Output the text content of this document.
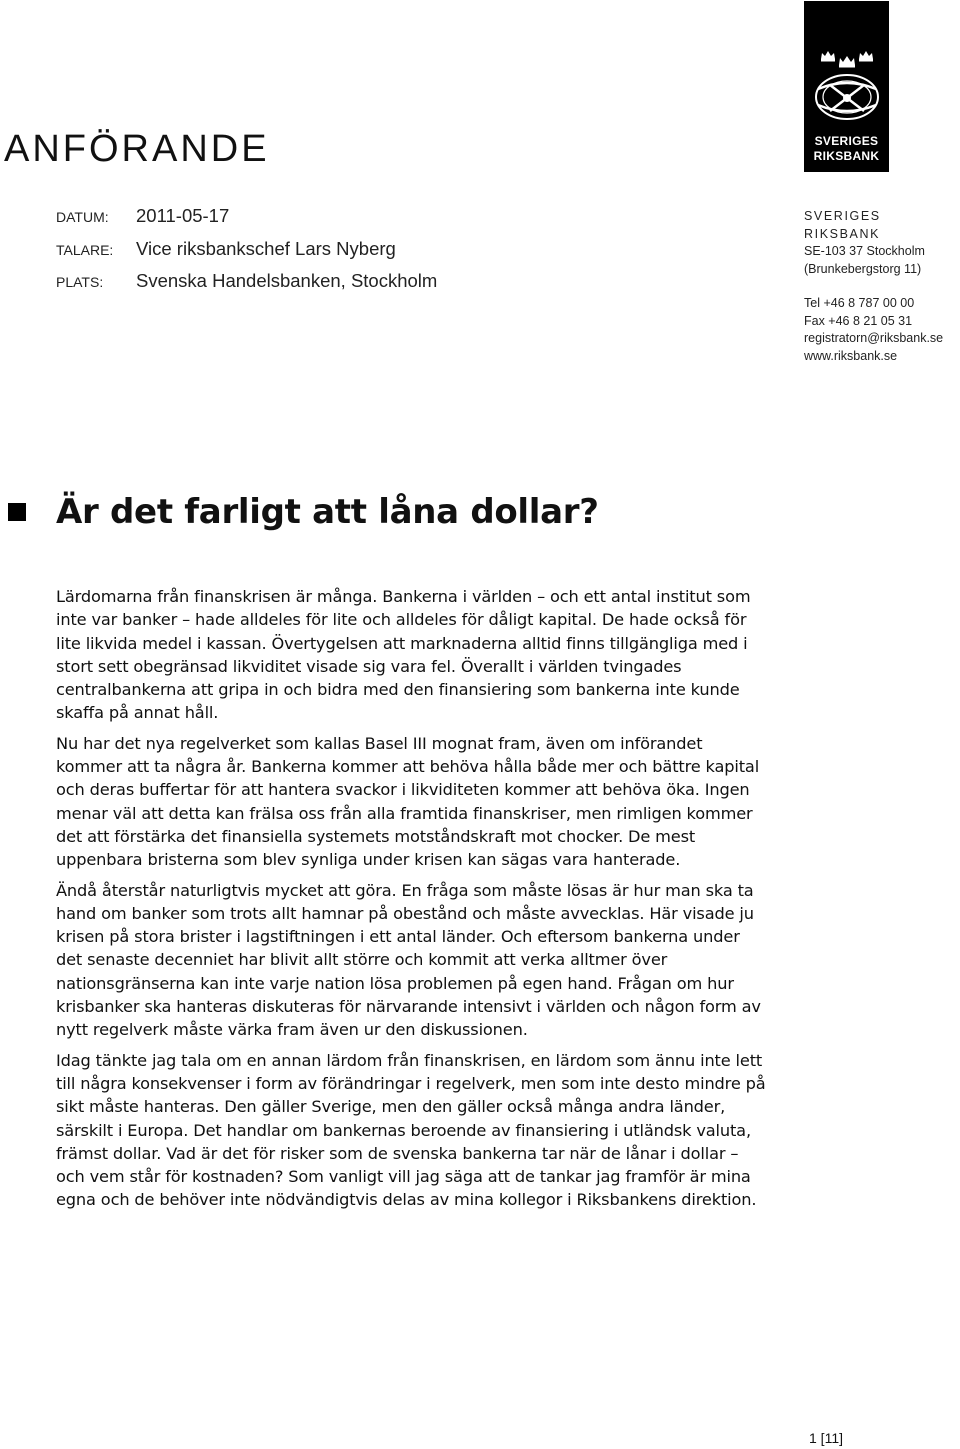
ANFÖRANDE
DATUM:	2011-05-17
TALARE:	Vice riksbankschef Lars Nyberg
PLATS:	Svenska Handelsbanken, Stockholm
SVERIGES
RIKSBANK
SVERIGES RIKSBANK
SE-103 37 Stockholm
(Brunkebergstorg 11)
Tel +46 8 787 00 00
Fax +46 8 21 05 31
registratorn@riksbank.se
www.riksbank.se
Är det farligt att låna dollar?

Lärdomarna från finanskrisen är många. Bankerna i världen – och ett antal institut som inte var banker – hade alldeles för lite och alldeles för dåligt kapital. De hade också för lite likvida medel i kassan. Övertygelsen att marknaderna alltid finns tillgängliga med i stort sett obegränsad likviditet visade sig vara fel. Överallt i världen tvingades centralbankerna att gripa in och bidra med den finansiering som bankerna inte kunde skaffa på annat håll.

Nu har det nya regelverket som kallas Basel III mognat fram, även om införandet kommer att ta några år. Bankerna kommer att behöva hålla både mer och bättre kapital och deras buffertar för att hantera svackor i likviditeten kommer att behöva öka. Ingen menar väl att detta kan frälsa oss från alla framtida finanskriser, men rimligen kommer det att förstärka det finansiella systemets motståndskraft mot chocker. De mest uppenbara bristerna som blev synliga under krisen kan sägas vara hanterade.

Ändå återstår naturligtvis mycket att göra. En fråga som måste lösas är hur man ska ta hand om banker som trots allt hamnar på obestånd och måste avvecklas. Här visade ju krisen på stora brister i lagstiftningen i ett antal länder. Och eftersom bankerna under det senaste decenniet har blivit allt större och kommit att verka alltmer över nationsgränserna kan inte varje nation lösa problemen på egen hand. Frågan om hur krisbanker ska hanteras diskuteras för närvarande intensivt i världen och någon form av nytt regelverk måste värka fram även ur den diskussionen.

Idag tänkte jag tala om en annan lärdom från finanskrisen, en lärdom som ännu inte lett till några konsekvenser i form av förändringar i regelverk, men som inte desto mindre på sikt måste hanteras. Den gäller Sverige, men den gäller också många andra länder, särskilt i Europa. Det handlar om bankernas beroende av finansiering i utländsk valuta, främst dollar. Vad är det för risker som de svenska bankerna tar när de lånar i dollar – och vem står för kostnaden? Som vanligt vill jag säga att de tankar jag framför är mina egna och de behöver inte nödvändigtvis delas av mina kollegor i Riksbankens direktion.

1 [11]
